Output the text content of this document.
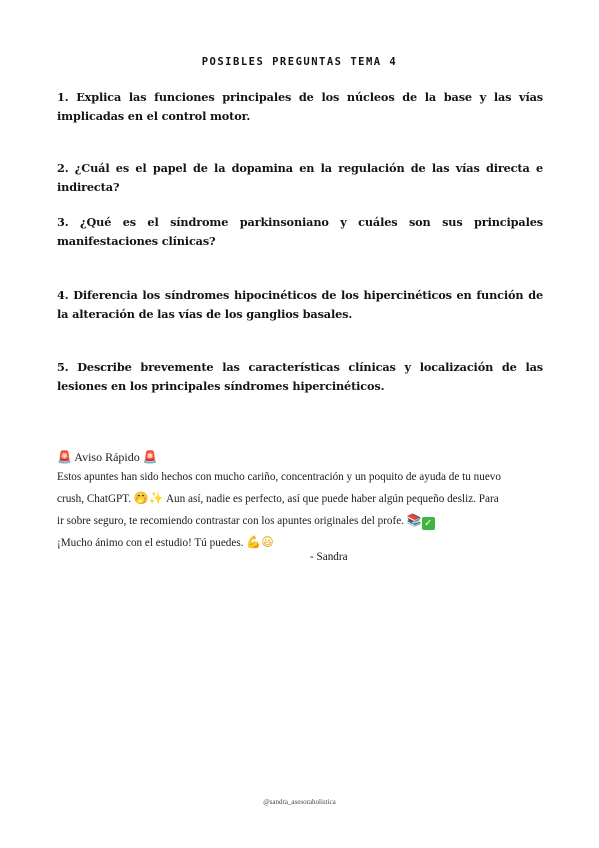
POSIBLES PREGUNTAS TEMA 4
1. Explica las funciones principales de los núcleos de la base y las vías implicadas en el control motor.
2. ¿Cuál es el papel de la dopamina en la regulación de las vías directa e indirecta?
3. ¿Qué es el síndrome parkinsoniano y cuáles son sus principales manifestaciones clínicas?
4. Diferencia los síndromes hipocinéticos de los hipercinéticos en función de la alteración de las vías de los ganglios basales.
5. Describe brevemente las características clínicas y localización de las lesiones en los principales síndromes hipercinéticos.
🚨 Aviso Rápido 🚨
Estos apuntes han sido hechos con mucho cariño, concentración y un poquito de ayuda de tu nuevo
crush, ChatGPT. 🤭✨ Aun así, nadie es perfecto, así que puede haber algún pequeño desliz. Para
ir sobre seguro, te recomiendo contrastar con los apuntes originales del profe. 📚 ✓
¡Mucho ánimo con el estudio! Tú puedes. 💪😃
- Sandra
@sandra_asesoraholistica
